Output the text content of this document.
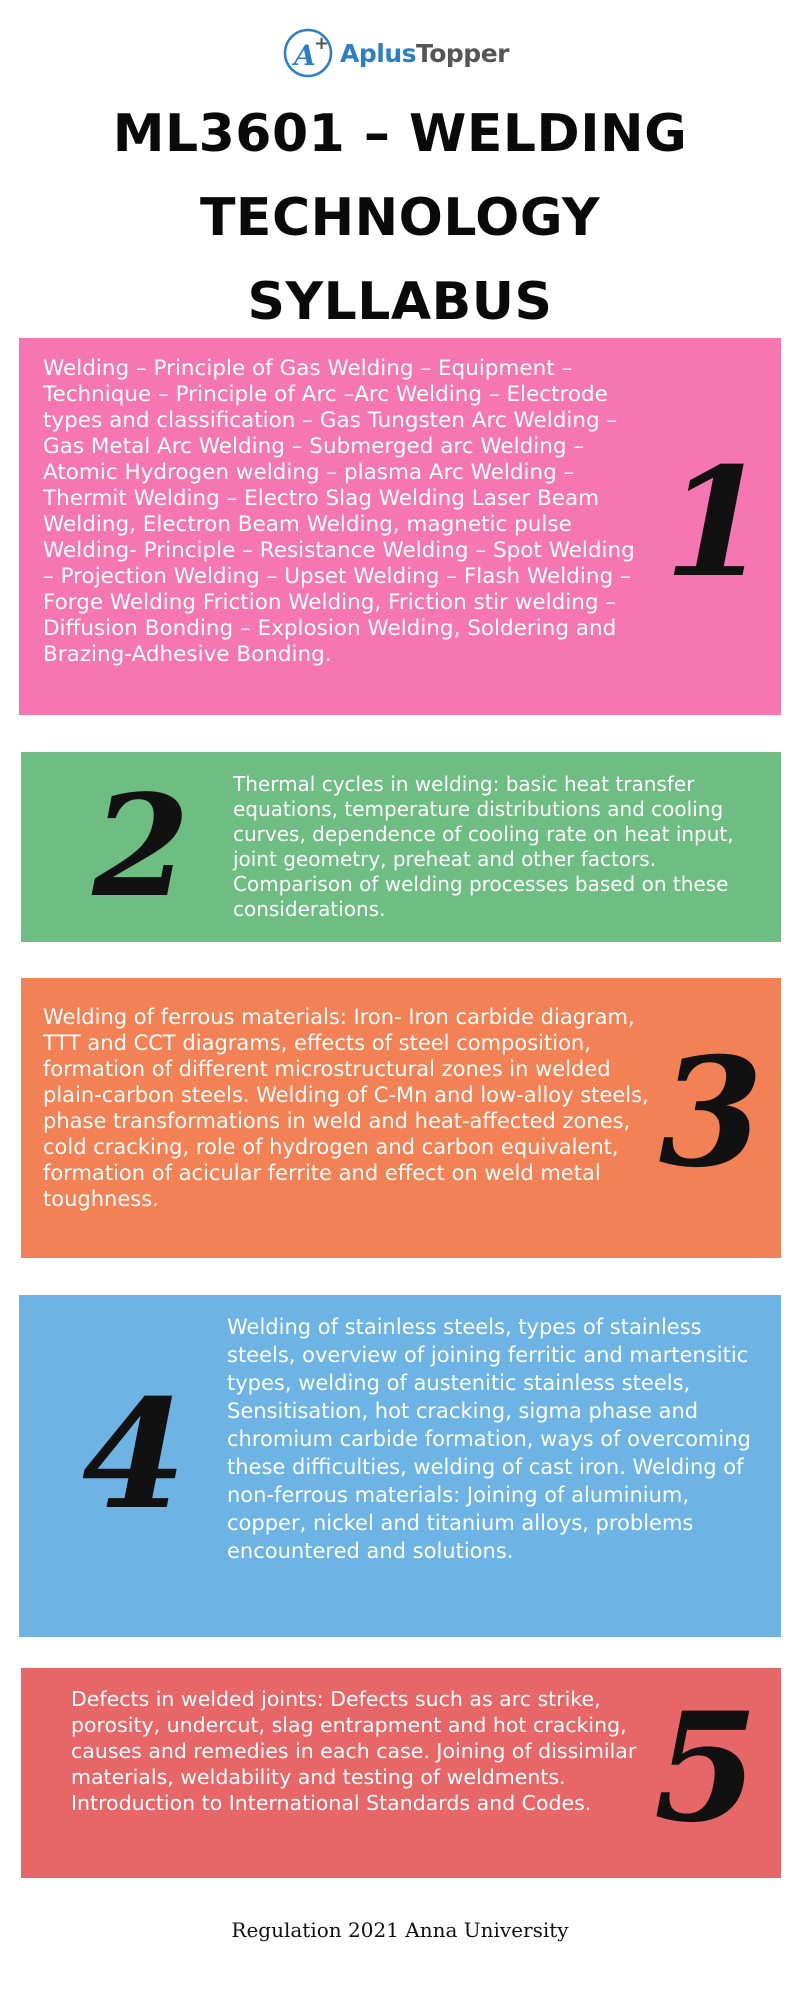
A
+ AplusTopper
ML3601 – WELDING TECHNOLOGY SYLLABUS

Welding – Principle of Gas Welding – Equipment – Technique – Principle of Arc –Arc Welding – Electrode types and classification – Gas Tungsten Arc Welding – Gas Metal Arc Welding – Submerged arc Welding – Atomic Hydrogen welding – plasma Arc Welding – Thermit Welding – Electro Slag Welding Laser Beam Welding, Electron Beam Welding, magnetic pulse Welding- Principle – Resistance Welding – Spot Welding – Projection Welding – Upset Welding – Flash Welding – Forge Welding Friction Welding, Friction stir welding – Diffusion Bonding – Explosion Welding, Soldering and Brazing-Adhesive Bonding.

1
2	Thermal cycles in welding: basic heat transfer equations, temperature distributions and cooling curves, dependence of cooling rate on heat input, joint geometry, preheat and other factors. Comparison of welding processes based on these considerations.

Welding of ferrous materials: Iron- Iron carbide diagram, TTT and CCT diagrams, effects of steel composition, formation of different microstructural zones in welded plain-carbon steels. Welding of C-Mn and low-alloy steels, phase transformations in weld and heat-affected zones, cold cracking, role of hydrogen and carbon equivalent, formation of acicular ferrite and effect on weld metal toughness.	3
4

Welding of stainless steels, types of stainless steels, overview of joining ferritic and martensitic types, welding of austenitic stainless steels, Sensitisation, hot cracking, sigma phase and chromium carbide formation, ways of overcoming these difficulties, welding of cast iron. Welding of non-ferrous materials: Joining of aluminium, copper, nickel and titanium alloys, problems encountered and solutions.

Defects in welded joints: Defects such as arc strike, porosity, undercut, slag entrapment and hot cracking, causes and remedies in each case. Joining of dissimilar materials, weldability and testing of weldments. Introduction to International Standards and Codes. 5

Regulation 2021 Anna University
